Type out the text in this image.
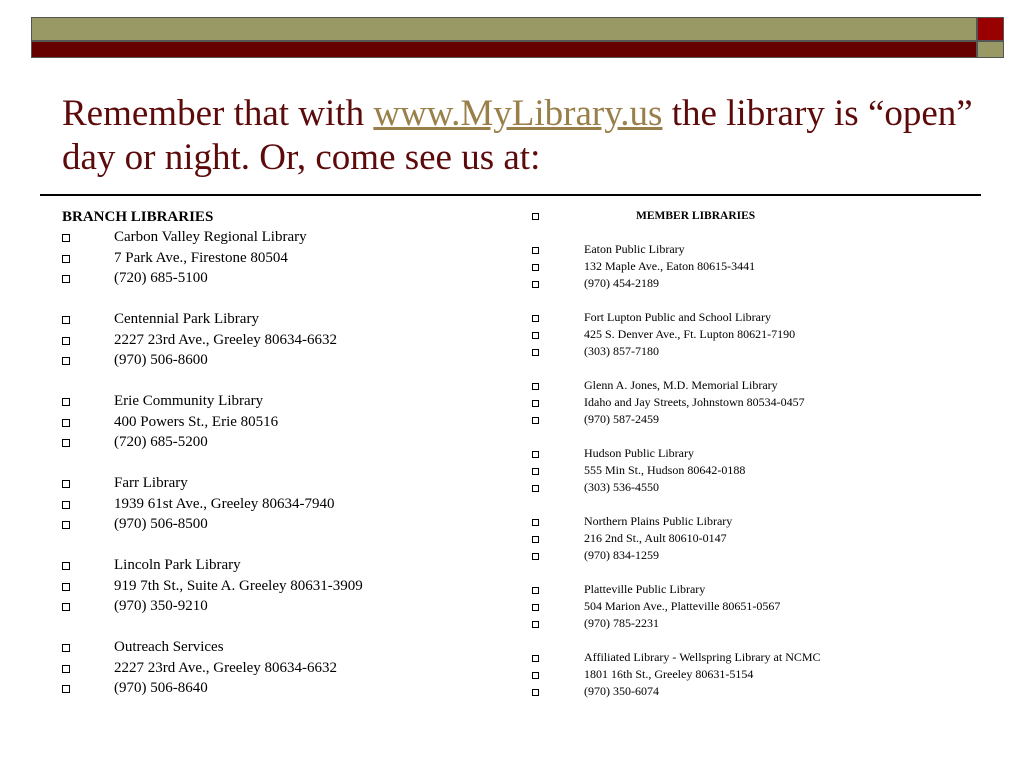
Remember that with www.MyLibrary.us the library is “open” day or night. Or, come see us at:
BRANCH LIBRARIES
Carbon Valley Regional Library
7 Park Ave., Firestone 80504
(720) 685-5100
Centennial Park Library
2227 23rd Ave., Greeley 80634-6632
(970) 506-8600
Erie Community Library
400 Powers St., Erie 80516
(720) 685-5200
Farr Library
1939 61st Ave., Greeley 80634-7940
(970) 506-8500
Lincoln Park Library
919 7th St., Suite A. Greeley 80631-3909
(970) 350-9210
Outreach Services
2227 23rd Ave., Greeley 80634-6632
(970) 506-8640
MEMBER LIBRARIES
Eaton Public Library
132 Maple Ave., Eaton 80615-3441
(970) 454-2189
Fort Lupton Public and School Library
425 S. Denver Ave., Ft. Lupton 80621-7190
(303) 857-7180
Glenn A. Jones, M.D. Memorial Library
Idaho and Jay Streets, Johnstown 80534-0457
(970) 587-2459
Hudson Public Library
555 Min St., Hudson 80642-0188
(303) 536-4550
Northern Plains Public Library
216 2nd St., Ault 80610-0147
(970) 834-1259
Platteville Public Library
504 Marion Ave., Platteville 80651-0567
(970) 785-2231
Affiliated Library - Wellspring Library at NCMC
1801 16th St., Greeley 80631-5154
(970) 350-6074
